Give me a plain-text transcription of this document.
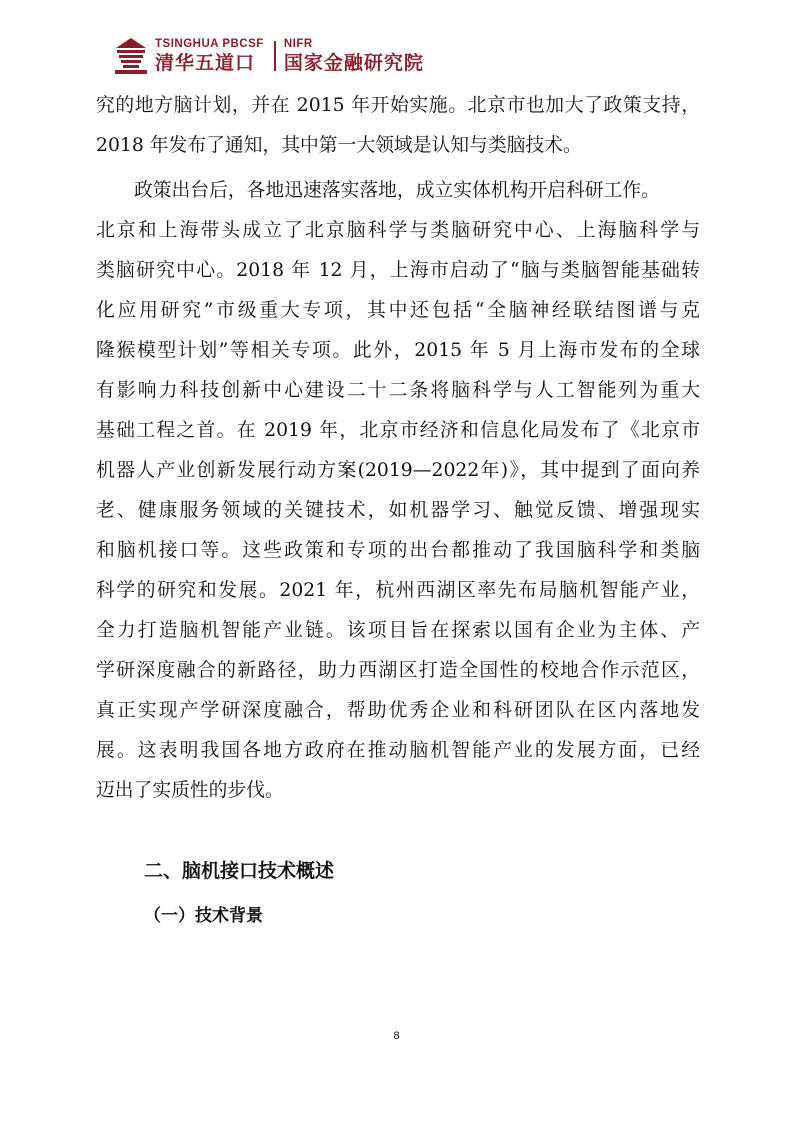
TSINGHUA PBCSF
清华五道口
NIFR
国家金融研究院
究的地方脑计划，并在 2015 年开始实施。北京市也加大了政策支持，
2018 年发布了通知，其中第一大领域是认知与类脑技术。
政策出台后，各地迅速落实落地，成立实体机构开启科研工作。
北京和上海带头成立了北京脑科学与类脑研究中心、上海脑科学与
类脑研究中心。2018 年 12 月，上海市启动了“脑与类脑智能基础转
化应用研究”市级重大专项，其中还包括“全脑神经联结图谱与克
隆猴模型计划”等相关专项。此外，2015 年 5 月上海市发布的全球
有影响力科技创新中心建设二十二条将脑科学与人工智能列为重大
基础工程之首。在 2019 年，北京市经济和信息化局发布了《北京市
机器人产业创新发展行动方案(2019—2022年)》，其中提到了面向养
老、健康服务领域的关键技术，如机器学习、触觉反馈、增强现实
和脑机接口等。这些政策和专项的出台都推动了我国脑科学和类脑
科学的研究和发展。2021 年，杭州西湖区率先布局脑机智能产业，
全力打造脑机智能产业链。该项目旨在探索以国有企业为主体、产
学研深度融合的新路径，助力西湖区打造全国性的校地合作示范区，
真正实现产学研深度融合，帮助优秀企业和科研团队在区内落地发
展。这表明我国各地方政府在推动脑机智能产业的发展方面，已经
迈出了实质性的步伐。
二、脑机接口技术概述
（一）技术背景
8
